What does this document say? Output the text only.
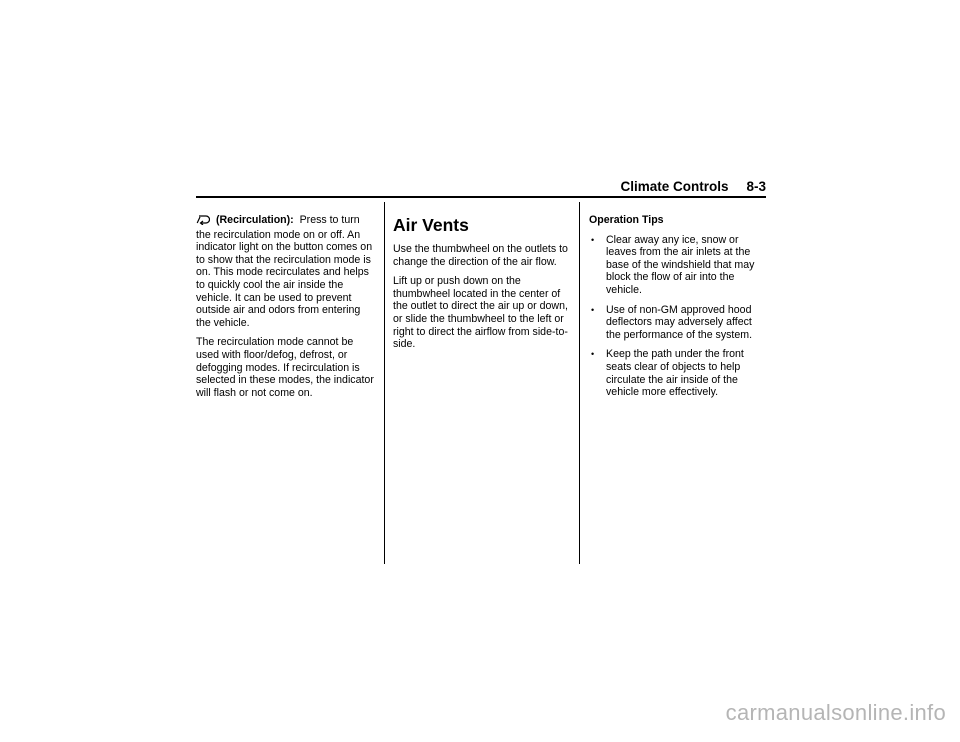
Climate Controls 8-3

(Recirculation): Press to turn the recirculation mode on or off. An indicator light on the button comes on to show that the recirculation mode is on. This mode recirculates and helps to quickly cool the air inside the vehicle. It can be used to prevent outside air and odors from entering the vehicle.

The recirculation mode cannot be used with floor/defog, defrost, or defogging modes. If recirculation is selected in these modes, the indicator will flash or not come on.

Air Vents

Use the thumbwheel on the outlets to change the direction of the air flow.

Lift up or push down on the thumbwheel located in the center of the outlet to direct the air up or down, or slide the thumbwheel to the left or right to direct the airflow from side-to-side.

Operation Tips

• Clear away any ice, snow or leaves from the air inlets at the base of the windshield that may block the flow of air into the vehicle.
• Use of non-GM approved hood deflectors may adversely affect the performance of the system.
• Keep the path under the front seats clear of objects to help circulate the air inside of the vehicle more effectively.
carmanualsonline.info
